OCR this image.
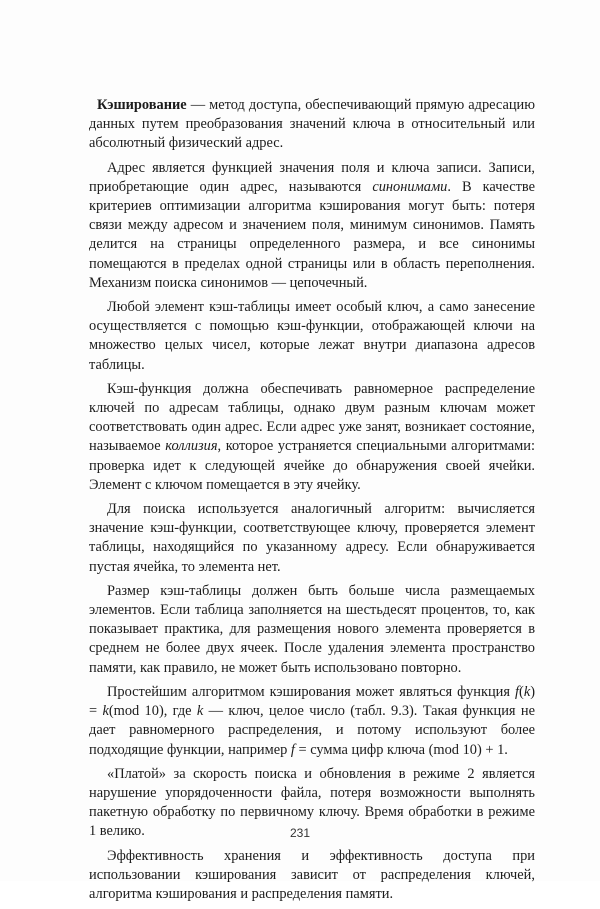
Кэширование — метод доступа, обеспечивающий прямую адресацию данных путем преобразования значений ключа в относительный или абсолютный физический адрес.

Адрес является функцией значения поля и ключа записи. Записи, приобретающие один адрес, называются синонимами. В качестве критериев оптимизации алгоритма кэширования могут быть: потеря связи между адресом и значением поля, минимум синонимов. Память делится на страницы определенного размера, и все синонимы помещаются в пределах одной страницы или в область переполнения. Механизм поиска синонимов — цепочечный.

Любой элемент кэш-таблицы имеет особый ключ, а само занесение осуществляется с помощью кэш-функции, отображающей ключи на множество целых чисел, которые лежат внутри диапазона адресов таблицы.

Кэш-функция должна обеспечивать равномерное распределение ключей по адресам таблицы, однако двум разным ключам может соответствовать один адрес. Если адрес уже занят, возникает состояние, называемое коллизия, которое устраняется специальными алгоритмами: проверка идет к следующей ячейке до обнаружения своей ячейки. Элемент с ключом помещается в эту ячейку.

Для поиска используется аналогичный алгоритм: вычисляется значение кэш-функции, соответствующее ключу, проверяется элемент таблицы, находящийся по указанному адресу. Если обнаруживается пустая ячейка, то элемента нет.

Размер кэш-таблицы должен быть больше числа размещаемых элементов. Если таблица заполняется на шестьдесят процентов, то, как показывает практика, для размещения нового элемента проверяется в среднем не более двух ячеек. После удаления элемента пространство памяти, как правило, не может быть использовано повторно.

Простейшим алгоритмом кэширования может являться функция f(k) = k(mod 10), где k — ключ, целое число (табл. 9.3). Такая функция не дает равномерного распределения, и потому используют более подходящие функции, например f = сумма цифр ключа (mod 10) + 1.

«Платой» за скорость поиска и обновления в режиме 2 является нарушение упорядоченности файла, потеря возможности выполнять пакетную обработку по первичному ключу. Время обработки в режиме 1 велико.

Эффективность хранения и эффективность доступа при использовании кэширования зависит от распределения ключей, алгоритма кэширования и распределения памяти.

231
